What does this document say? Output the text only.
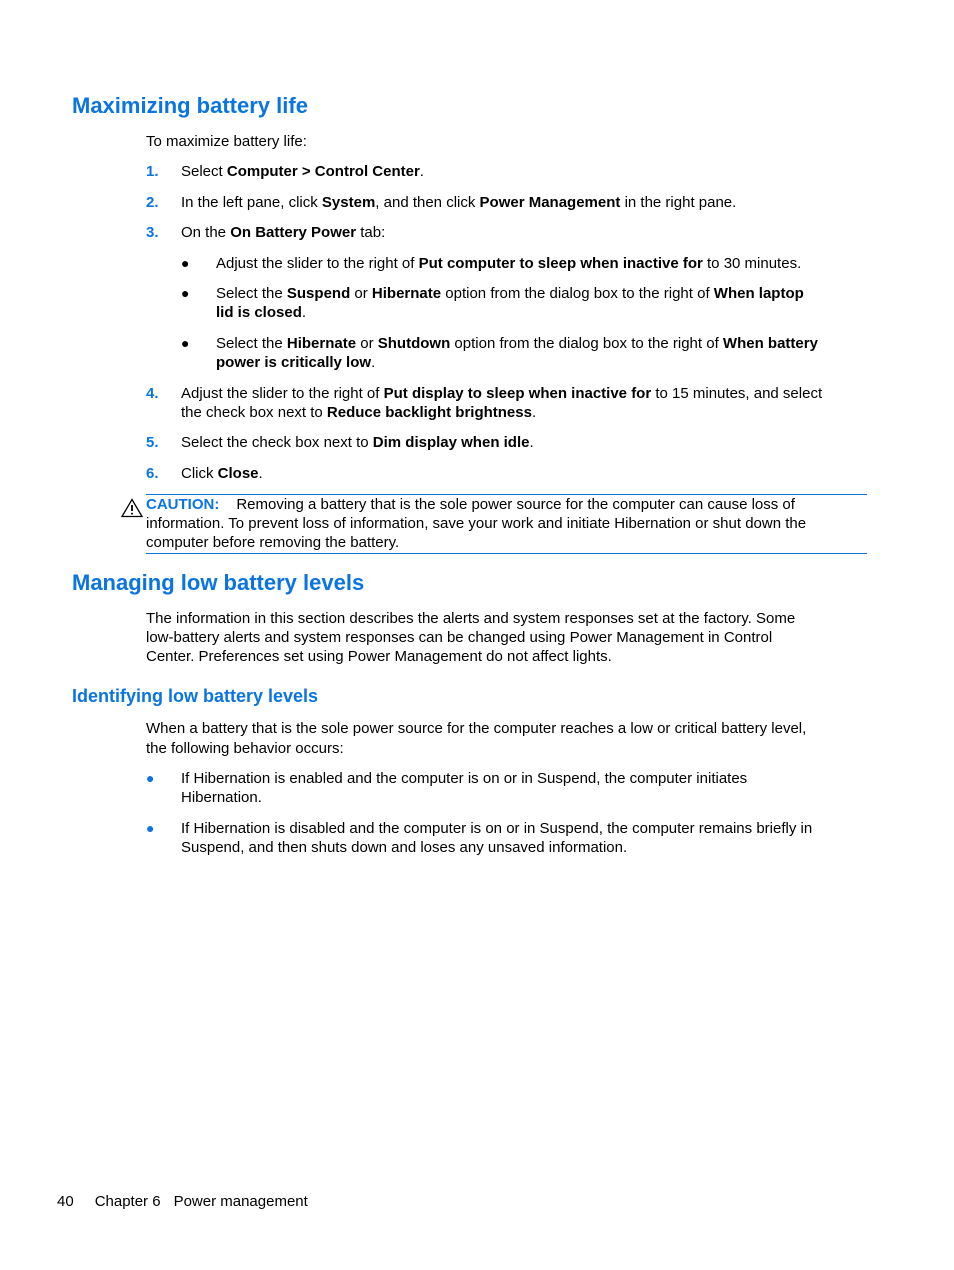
Maximizing battery life
To maximize battery life:
1. Select Computer > Control Center.
2. In the left pane, click System, and then click Power Management in the right pane.
3. On the On Battery Power tab:
● Adjust the slider to the right of Put computer to sleep when inactive for to 30 minutes.
● Select the Suspend or Hibernate option from the dialog box to the right of When laptop
lid is closed.
● Select the Hibernate or Shutdown option from the dialog box to the right of When battery
power is critically low.
4. Adjust the slider to the right of Put display to sleep when inactive for to 15 minutes, and select
the check box next to Reduce backlight brightness.
5. Select the check box next to Dim display when idle.
6. Click Close.
CAUTION: Removing a battery that is the sole power source for the computer can cause loss of
information. To prevent loss of information, save your work and initiate Hibernation or shut down the
computer before removing the battery.
Managing low battery levels
The information in this section describes the alerts and system responses set at the factory. Some
low-battery alerts and system responses can be changed using Power Management in Control
Center. Preferences set using Power Management do not affect lights.
Identifying low battery levels
When a battery that is the sole power source for the computer reaches a low or critical battery level,
the following behavior occurs:
● If Hibernation is enabled and the computer is on or in Suspend, the computer initiates
Hibernation.
● If Hibernation is disabled and the computer is on or in Suspend, the computer remains briefly in
Suspend, and then shuts down and loses any unsaved information.
40 Chapter 6 Power management
